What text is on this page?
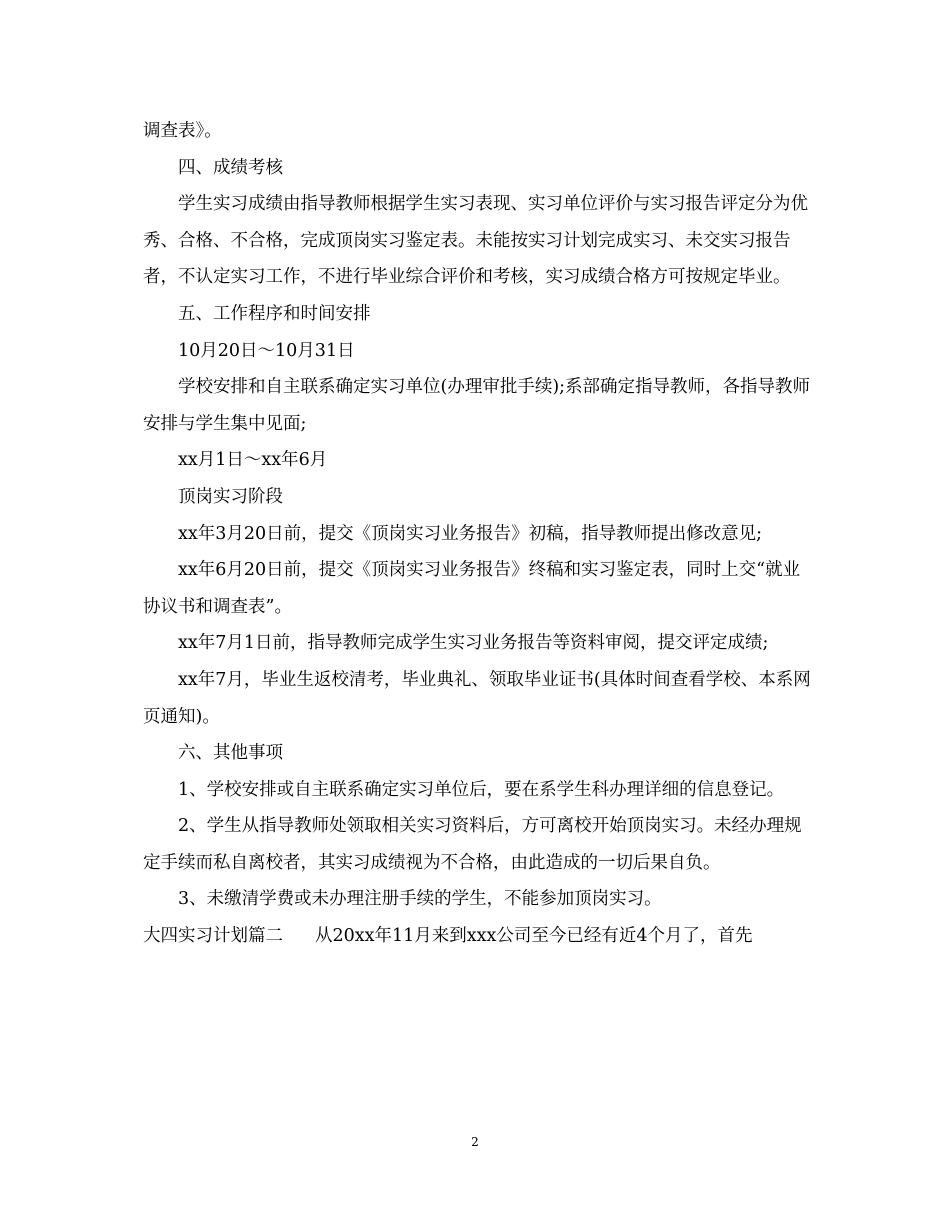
调查表》。

四、成绩考核

学生实习成绩由指导教师根据学生实习表现、实习单位评价与实习报告评定分为优秀、合格、不合格，完成顶岗实习鉴定表。未能按实习计划完成实习、未交实习报告者，不认定实习工作，不进行毕业综合评价和考核，实习成绩合格方可按规定毕业。

五、工作程序和时间安排

10月20日～10月31日

学校安排和自主联系确定实习单位(办理审批手续);系部确定指导教师，各指导教师安排与学生集中见面;

xx月1日～xx年6月

顶岗实习阶段

xx年3月20日前，提交《顶岗实习业务报告》初稿，指导教师提出修改意见;

xx年6月20日前，提交《顶岗实习业务报告》终稿和实习鉴定表，同时上交“就业协议书和调查表”。

xx年7月1日前，指导教师完成学生实习业务报告等资料审阅，提交评定成绩;

xx年7月，毕业生返校清考，毕业典礼、领取毕业证书(具体时间查看学校、本系网页通知)。

六、其他事项

1、学校安排或自主联系确定实习单位后，要在系学生科办理详细的信息登记。

2、学生从指导教师处领取相关实习资料后，方可离校开始顶岗实习。未经办理规定手续而私自离校者，其实习成绩视为不合格，由此造成的一切后果自负。

3、未缴清学费或未办理注册手续的学生，不能参加顶岗实习。

大四实习计划篇二 从20xx年11月来到xxx公司至今已经有近4个月了，首先
2
